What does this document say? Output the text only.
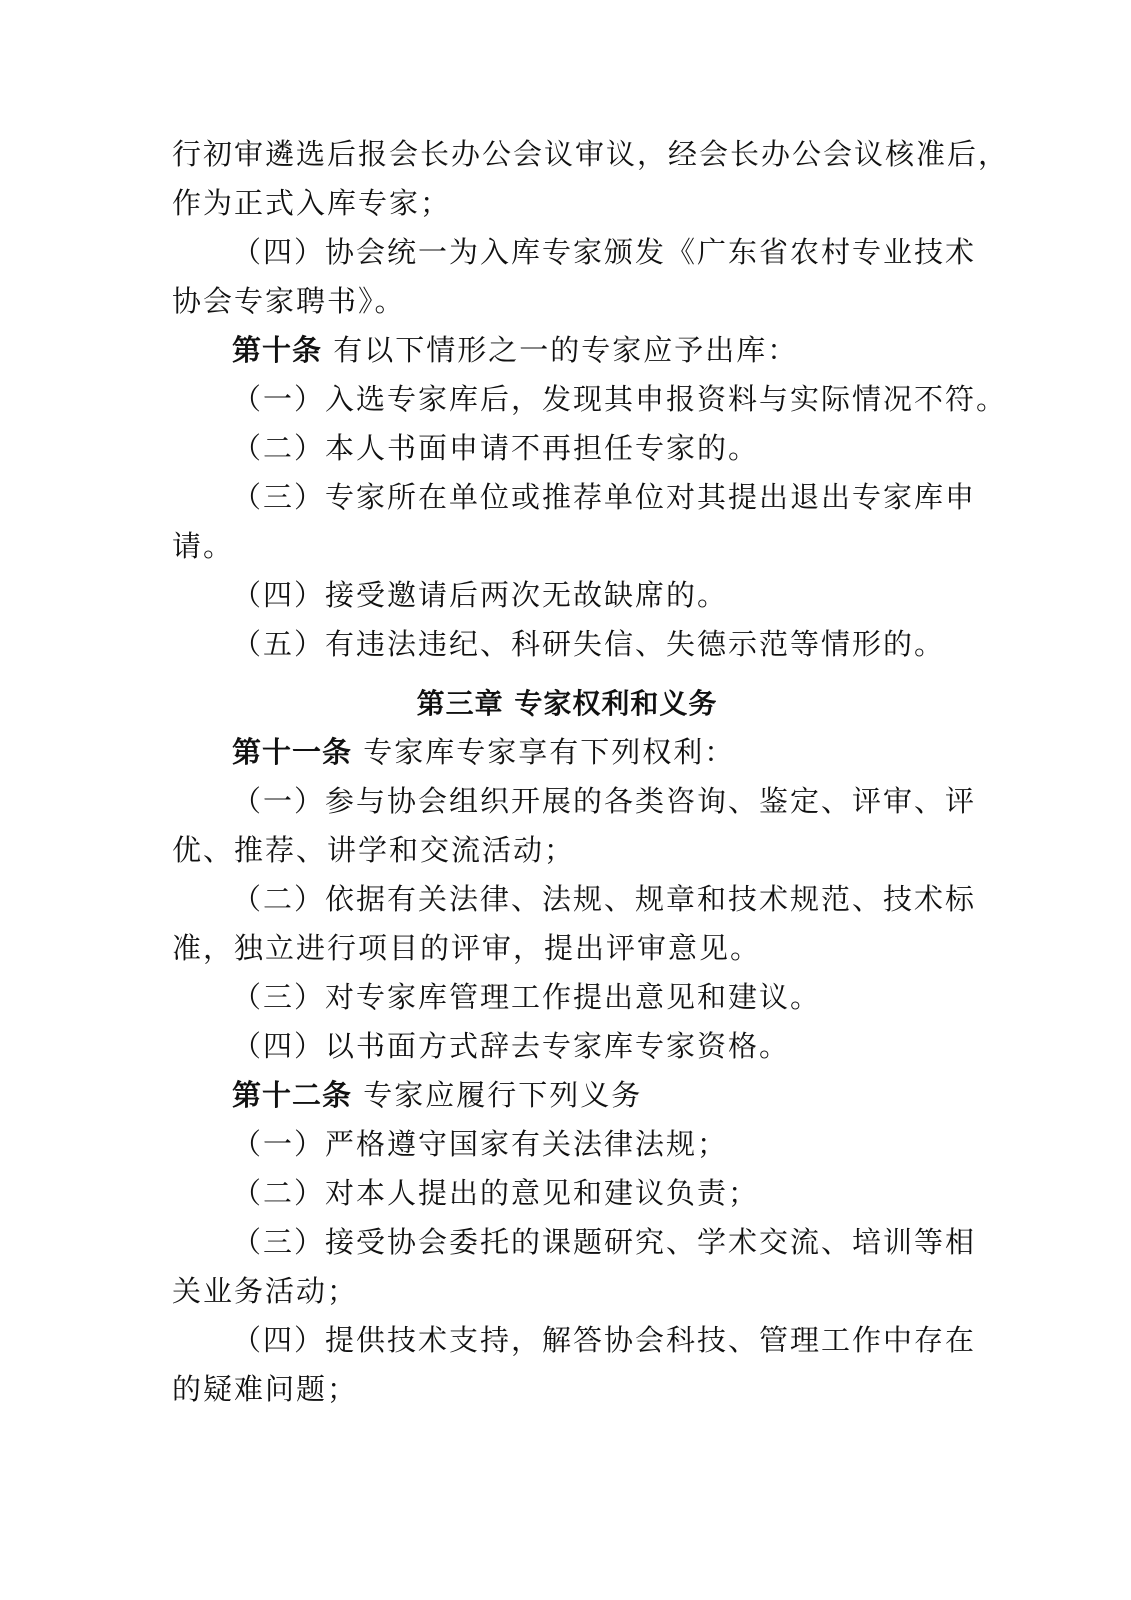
行初审遴选后报会长办公会议审议，经会长办公会议核准后，
作为正式入库专家；
（四）协会统一为入库专家颁发《广东省农村专业技术
协会专家聘书》。
第十条 有以下情形之一的专家应予出库：
（一）入选专家库后，发现其申报资料与实际情况不符。
（二）本人书面申请不再担任专家的。
（三）专家所在单位或推荐单位对其提出退出专家库申
请。
（四）接受邀请后两次无故缺席的。
（五）有违法违纪、科研失信、失德示范等情形的。
第三章 专家权利和义务
第十一条 专家库专家享有下列权利：
（一）参与协会组织开展的各类咨询、鉴定、评审、评
优、推荐、讲学和交流活动；
（二）依据有关法律、法规、规章和技术规范、技术标
准，独立进行项目的评审，提出评审意见。
（三）对专家库管理工作提出意见和建议。
（四）以书面方式辞去专家库专家资格。
第十二条 专家应履行下列义务
（一）严格遵守国家有关法律法规；
（二）对本人提出的意见和建议负责；
（三）接受协会委托的课题研究、学术交流、培训等相
关业务活动；
（四）提供技术支持，解答协会科技、管理工作中存在
的疑难问题；
